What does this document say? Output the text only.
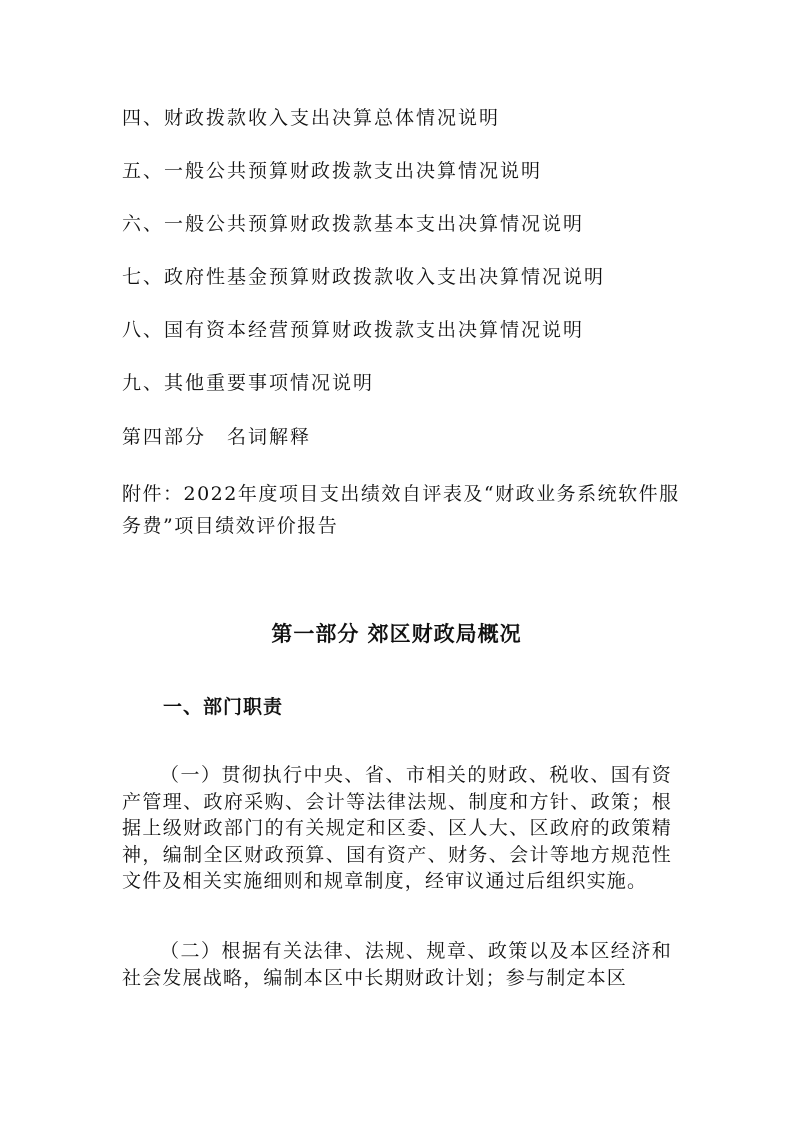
四、财政拨款收入支出决算总体情况说明
五、一般公共预算财政拨款支出决算情况说明
六、一般公共预算财政拨款基本支出决算情况说明
七、政府性基金预算财政拨款收入支出决算情况说明
八、国有资本经营预算财政拨款支出决算情况说明
九、其他重要事项情况说明
第四部分　名词解释
附件：2022年度项目支出绩效自评表及“财政业务系统软件服务费”项目绩效评价报告
第一部分 郊区财政局概况
一、部门职责
（一）贯彻执行中央、省、市相关的财政、税收、国有资产管理、政府采购、会计等法律法规、制度和方针、政策；根据上级财政部门的有关规定和区委、区人大、区政府的政策精神，编制全区财政预算、国有资产、财务、会计等地方规范性文件及相关实施细则和规章制度，经审议通过后组织实施。
（二）根据有关法律、法规、规章、政策以及本区经济和社会发展战略，编制本区中长期财政计划；参与制定本区
